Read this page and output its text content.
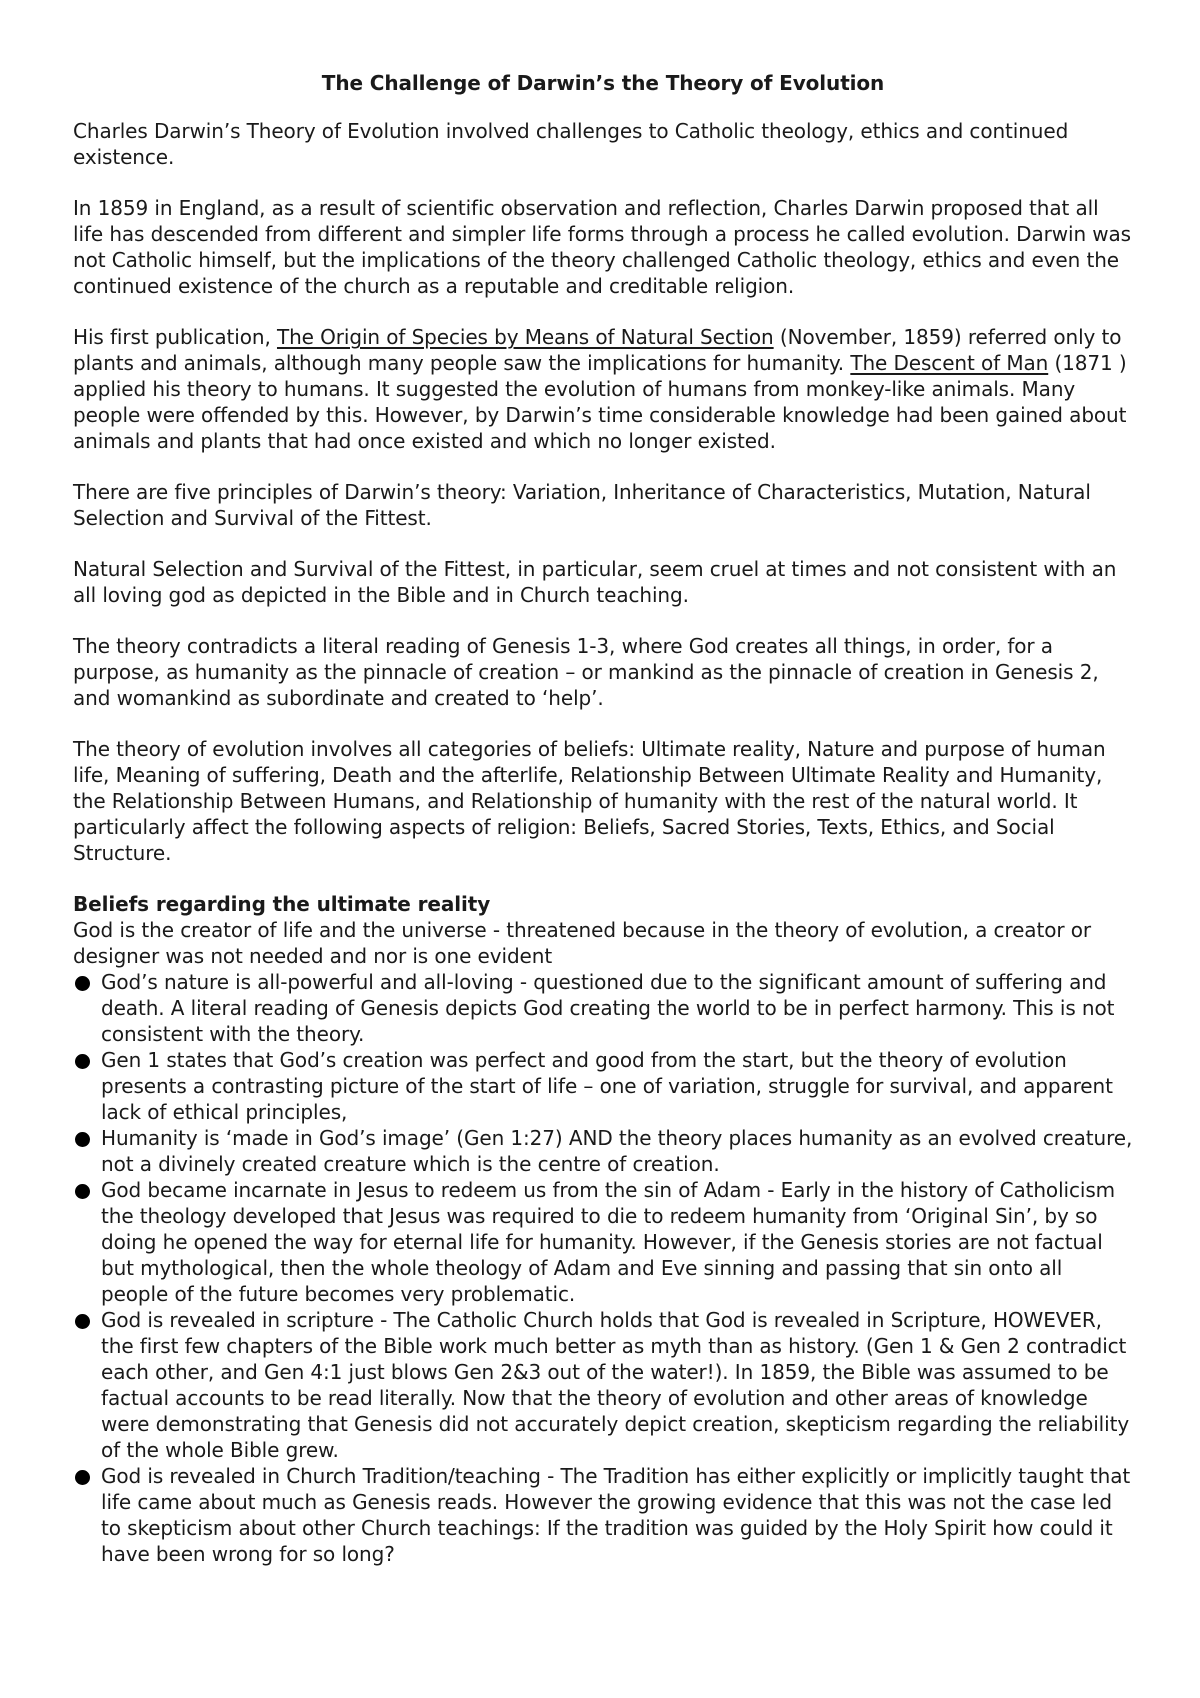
The Challenge of Darwin’s the Theory of Evolution

Charles Darwin’s Theory of Evolution involved challenges to Catholic theology, ethics and continued existence.

In 1859 in England, as a result of scientific observation and reflection, Charles Darwin proposed that all life has descended from different and simpler life forms through a process he called evolution. Darwin was not Catholic himself, but the implications of the theory challenged Catholic theology, ethics and even the continued existence of the church as a reputable and creditable religion.

His first publication, The Origin of Species by Means of Natural Section (November, 1859) referred only to plants and animals, although many people saw the implications for humanity. The Descent of Man (1871 ) applied his theory to humans. It suggested the evolution of humans from monkey-like animals. Many people were offended by this. However, by Darwin’s time considerable knowledge had been gained about animals and plants that had once existed and which no longer existed.

There are five principles of Darwin’s theory: Variation, Inheritance of Characteristics, Mutation, Natural Selection and Survival of the Fittest.

Natural Selection and Survival of the Fittest, in particular, seem cruel at times and not consistent with an all loving god as depicted in the Bible and in Church teaching.

The theory contradicts a literal reading of Genesis 1-3, where God creates all things, in order, for a purpose, as humanity as the pinnacle of creation – or mankind as the pinnacle of creation in Genesis 2, and womankind as subordinate and created to ‘help’.

The theory of evolution involves all categories of beliefs: Ultimate reality, Nature and purpose of human life, Meaning of suffering, Death and the afterlife, Relationship Between Ultimate Reality and Humanity, the Relationship Between Humans, and Relationship of humanity with the rest of the natural world. It particularly affect the following aspects of religion: Beliefs, Sacred Stories, Texts, Ethics, and Social Structure.

Beliefs regarding the ultimate reality
God is the creator of life and the universe - threatened because in the theory of evolution, a creator or designer was not needed and nor is one evident
God’s nature is all-powerful and all-loving - questioned due to the significant amount of suffering and death. A literal reading of Genesis depicts God creating the world to be in perfect harmony. This is not consistent with the theory.
Gen 1 states that God’s creation was perfect and good from the start, but the theory of evolution presents a contrasting picture of the start of life – one of variation, struggle for survival, and apparent lack of ethical principles,
Humanity is ‘made in God’s image’ (Gen 1:27) AND the theory places humanity as an evolved creature, not a divinely created creature which is the centre of creation.
God became incarnate in Jesus to redeem us from the sin of Adam - Early in the history of Catholicism the theology developed that Jesus was required to die to redeem humanity from ‘Original Sin’, by so doing he opened the way for eternal life for humanity. However, if the Genesis stories are not factual but mythological, then the whole theology of Adam and Eve sinning and passing that sin onto all people of the future becomes very problematic.
God is revealed in scripture - The Catholic Church holds that God is revealed in Scripture, HOWEVER, the first few chapters of the Bible work much better as myth than as history. (Gen 1 & Gen 2 contradict each other, and Gen 4:1 just blows Gen 2&3 out of the water!). In 1859, the Bible was assumed to be factual accounts to be read literally. Now that the theory of evolution and other areas of knowledge were demonstrating that Genesis did not accurately depict creation, skepticism regarding the reliability of the whole Bible grew.
God is revealed in Church Tradition/teaching - The Tradition has either explicitly or implicitly taught that life came about much as Genesis reads. However the growing evidence that this was not the case led to skepticism about other Church teachings: If the tradition was guided by the Holy Spirit how could it have been wrong for so long?
